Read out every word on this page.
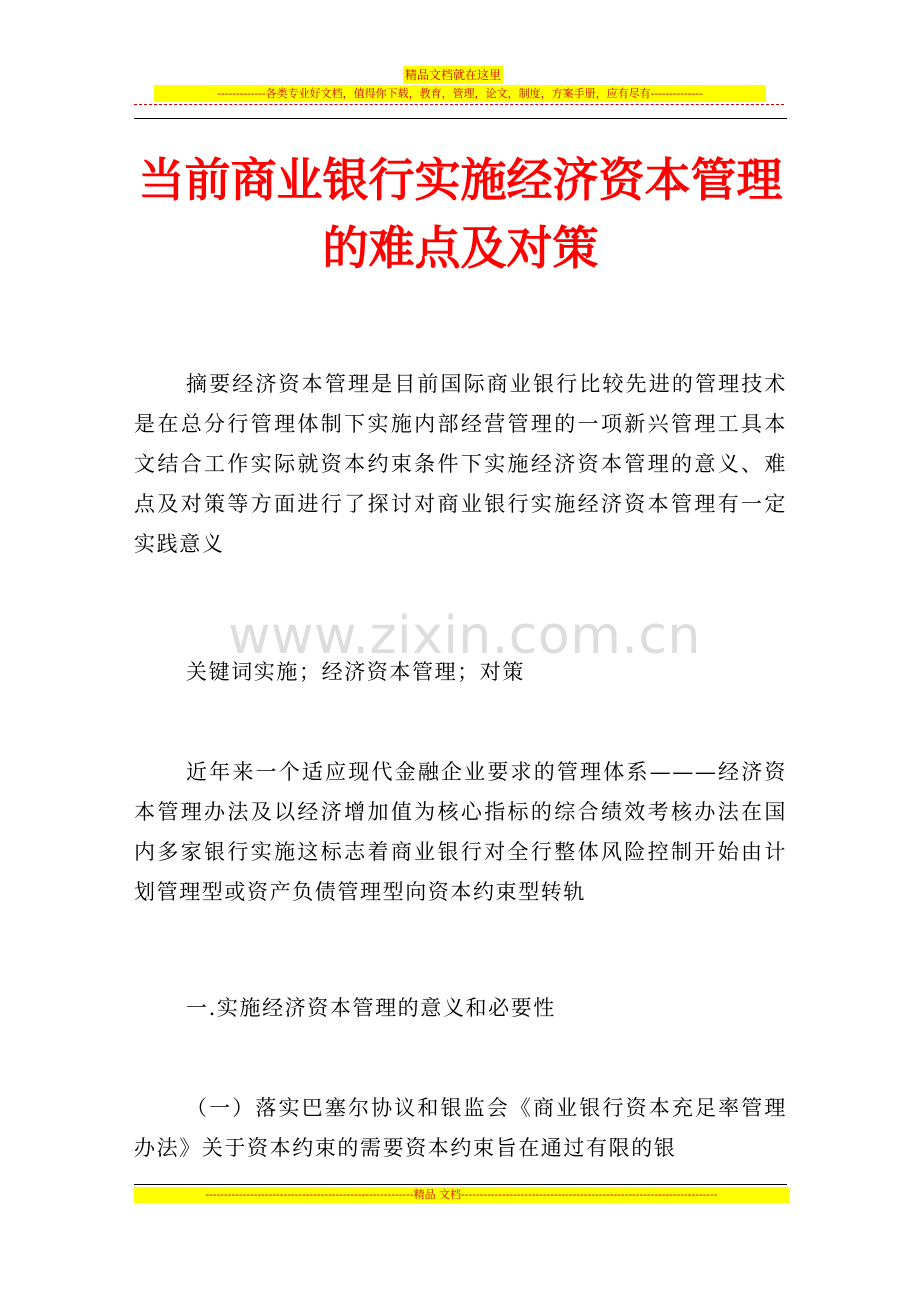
精品文档就在这里
-------------各类专业好文档，值得你下载，教育，管理，论文，制度，方案手册，应有尽有--------------
当前商业银行实施经济资本管理的难点及对策

摘要经济资本管理是目前国际商业银行比较先进的管理技术是在总分行管理体制下实施内部经营管理的一项新兴管理工具本文结合工作实际就资本约束条件下实施经济资本管理的意义、难点及对策等方面进行了探讨对商业银行实施经济资本管理有一定实践意义

www.zixin.com.cn

关键词实施；经济资本管理；对策

近年来一个适应现代金融企业要求的管理体系———经济资本管理办法及以经济增加值为核心指标的综合绩效考核办法在国内多家银行实施这标志着商业银行对全行整体风险控制开始由计划管理型或资产负债管理型向资本约束型转轨

一.实施经济资本管理的意义和必要性

（一）落实巴塞尔协议和银监会《商业银行资本充足率管理办法》关于资本约束的需要资本约束旨在通过有限的银

--------------------------------------------------------精品 文档---------------------------------------------------------------------
